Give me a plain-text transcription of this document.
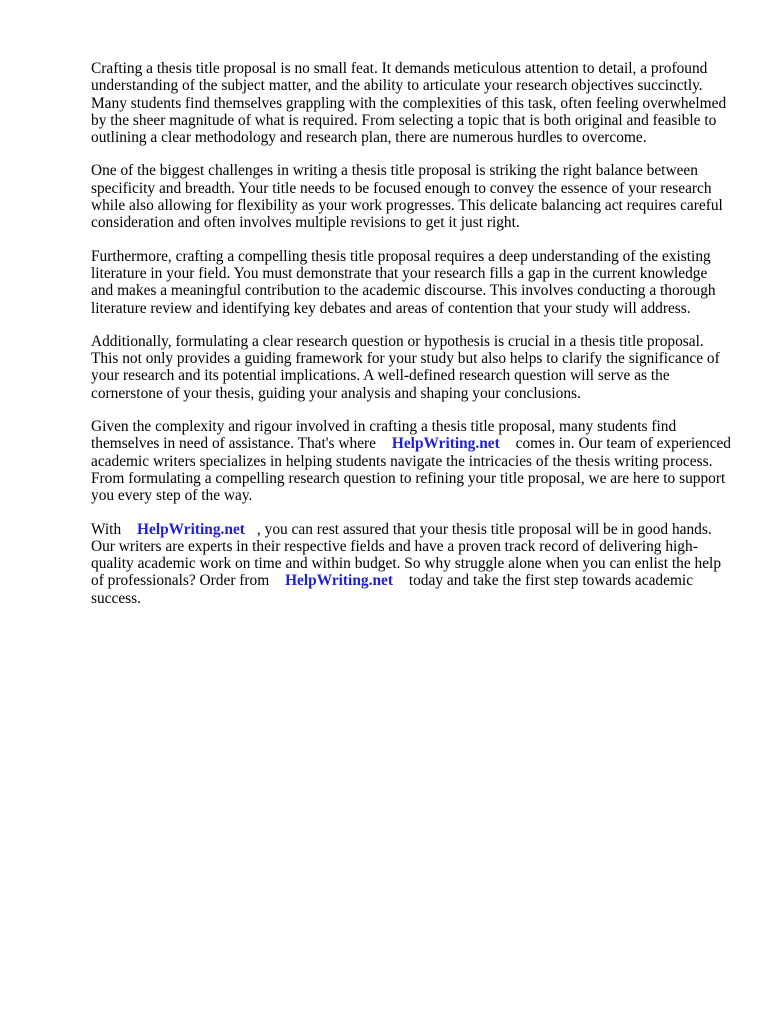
Crafting a thesis title proposal is no small feat. It demands meticulous attention to detail, a profound understanding of the subject matter, and the ability to articulate your research objectives succinctly. Many students find themselves grappling with the complexities of this task, often feeling overwhelmed by the sheer magnitude of what is required. From selecting a topic that is both original and feasible to outlining a clear methodology and research plan, there are numerous hurdles to overcome.

One of the biggest challenges in writing a thesis title proposal is striking the right balance between specificity and breadth. Your title needs to be focused enough to convey the essence of your research while also allowing for flexibility as your work progresses. This delicate balancing act requires careful consideration and often involves multiple revisions to get it just right.

Furthermore, crafting a compelling thesis title proposal requires a deep understanding of the existing literature in your field. You must demonstrate that your research fills a gap in the current knowledge and makes a meaningful contribution to the academic discourse. This involves conducting a thorough literature review and identifying key debates and areas of contention that your study will address.

Additionally, formulating a clear research question or hypothesis is crucial in a thesis title proposal. This not only provides a guiding framework for your study but also helps to clarify the significance of your research and its potential implications. A well-defined research question will serve as the cornerstone of your thesis, guiding your analysis and shaping your conclusions.

Given the complexity and rigour involved in crafting a thesis title proposal, many students find themselves in need of assistance. That's where HelpWriting.net comes in. Our team of experienced academic writers specializes in helping students navigate the intricacies of the thesis writing process. From formulating a compelling research question to refining your title proposal, we are here to support you every step of the way.

With HelpWriting.net , you can rest assured that your thesis title proposal will be in good hands. Our writers are experts in their respective fields and have a proven track record of delivering high-quality academic work on time and within budget. So why struggle alone when you can enlist the help of professionals? Order from HelpWriting.net today and take the first step towards academic success.
